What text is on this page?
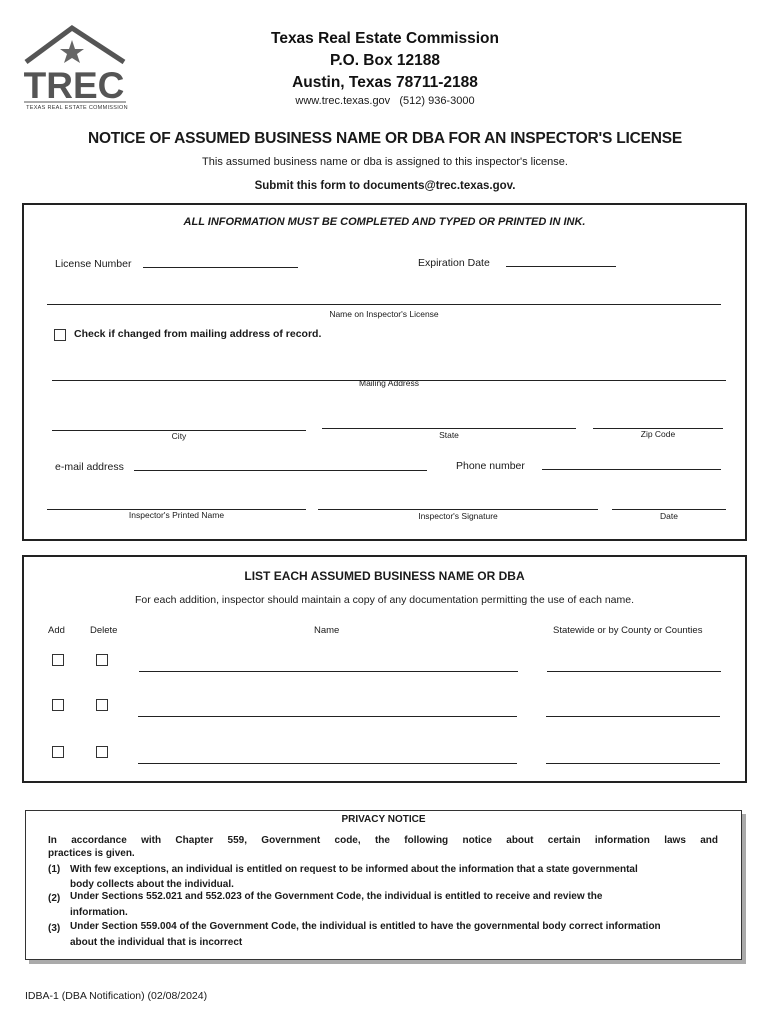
TREC
TEXAS REAL ESTATE COMMISSION
Texas Real Estate Commission
P.O. Box 12188
Austin, Texas 78711-2188
www.trec.texas.gov   (512) 936-3000
NOTICE OF ASSUMED BUSINESS NAME OR DBA FOR AN INSPECTOR'S LICENSE
This assumed business name or dba is assigned to this inspector's license.
Submit this form to documents@trec.texas.gov.
ALL INFORMATION MUST BE COMPLETED AND TYPED OR PRINTED IN INK.
License Number	Expiration Date
Name on Inspector's License
Check if changed from mailing address of record.
Mailing Address
City	State	Zip Code
e-mail address	Phone number
Inspector's Printed Name	Inspector's Signature	Date
LIST EACH ASSUMED BUSINESS NAME OR DBA
For each addition, inspector should maintain a copy of any documentation permitting the use of each name.
Add	Delete	Name	Statewide or by County or Counties
PRIVACY NOTICE
In accordance with Chapter 559, Government code, the following notice about certain information laws and
practices is given.
(1) With few exceptions, an individual is entitled on request to be informed about the information that a state governmental
body collects about the individual.
(2) Under Sections 552.021 and 552.023 of the Government Code, the individual is entitled to receive and review the
information.
(3) Under Section 559.004 of the Government Code, the individual is entitled to have the governmental body correct information
about the individual that is incorrect
IDBA-1 (DBA Notification) (02/08/2024)
